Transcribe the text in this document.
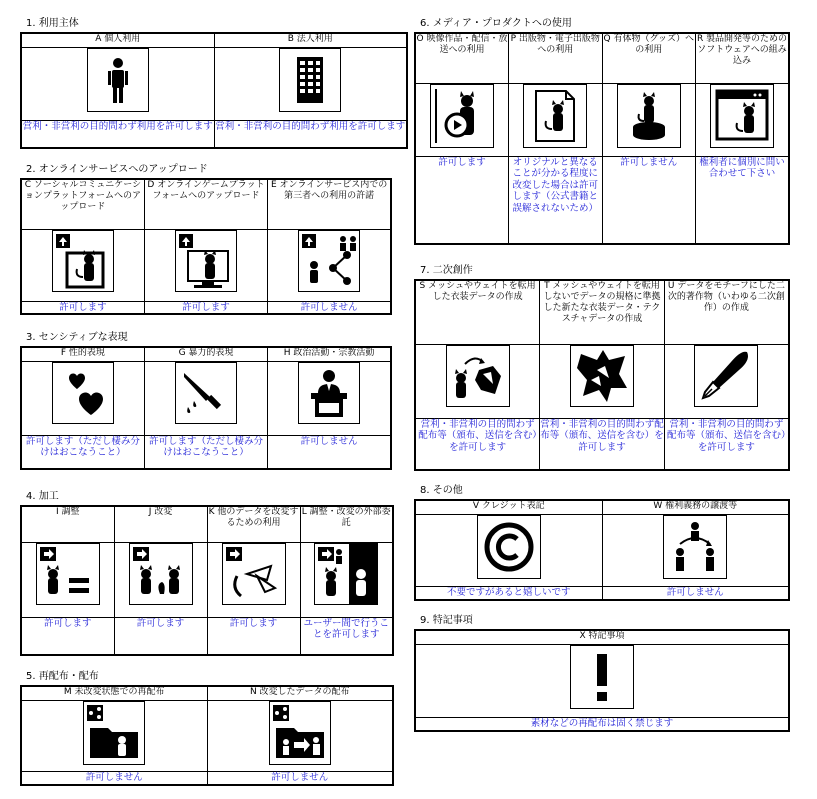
1. 利用主体
A 個人利用	B 法人利用

営利・非営利の目的問わず利用を許可します	営利・非営利の目的問わず利用を許可します
2. オンラインサービスへのアップロード
C ソーシャルコミュニケーションプラットフォームへのアップロード	D オンラインゲームプラットフォームへのアップロード	E オンラインサービス内での第三者への利用の許諾

許可します	許可します	許可しません
3. センシティブな表現
F 性的表現	G 暴力的表現	H 政治活動・宗教活動

許可します（ただし棲み分けはおこなうこと）	許可します（ただし棲み分けはおこなうこと）	許可しません
4. 加工
I 調整	J 改変	K 他のデータを改変するための利用	L 調整・改変の外部委託

許可します	許可します	許可します	ユーザー間で行うことを許可します
5. 再配布・配布
M 未改変状態での再配布	N 改変したデータの配布

許可しません	許可しません
6. メディア・プロダクトへの使用
O 映像作品・配信・放送への利用	P 出版物・電子出版物への利用	Q 有体物（グッズ）への利用	R 製品開発等のためのソフトウェアへの組み込み

許可します	オリジナルと異なることが分かる程度に改変した場合は許可します（公式書籍と誤解されないため）	許可しません	権利者に個別に問い合わせて下さい
7. 二次創作
S メッシュやウェイトを転用した衣装データの作成	T メッシュやウェイトを転用しないでデータの規格に準拠した新たな衣装データ・テクスチャデータの作成	U データをモチーフにした二次的著作物（いわゆる二次創作）の作成

営利・非営利の目的問わず配布等（頒布、送信を含む）を許可します	営利・非営利の目的問わず配布等（頒布、送信を含む）を許可します	営利・非営利の目的問わず配布等（頒布、送信を含む）を許可します
8. その他
V クレジット表記	W 権利義務の譲渡等

不要ですがあると嬉しいです	許可しません
9. 特記事項
X 特記事項

素材などの再配布は固く禁じます
